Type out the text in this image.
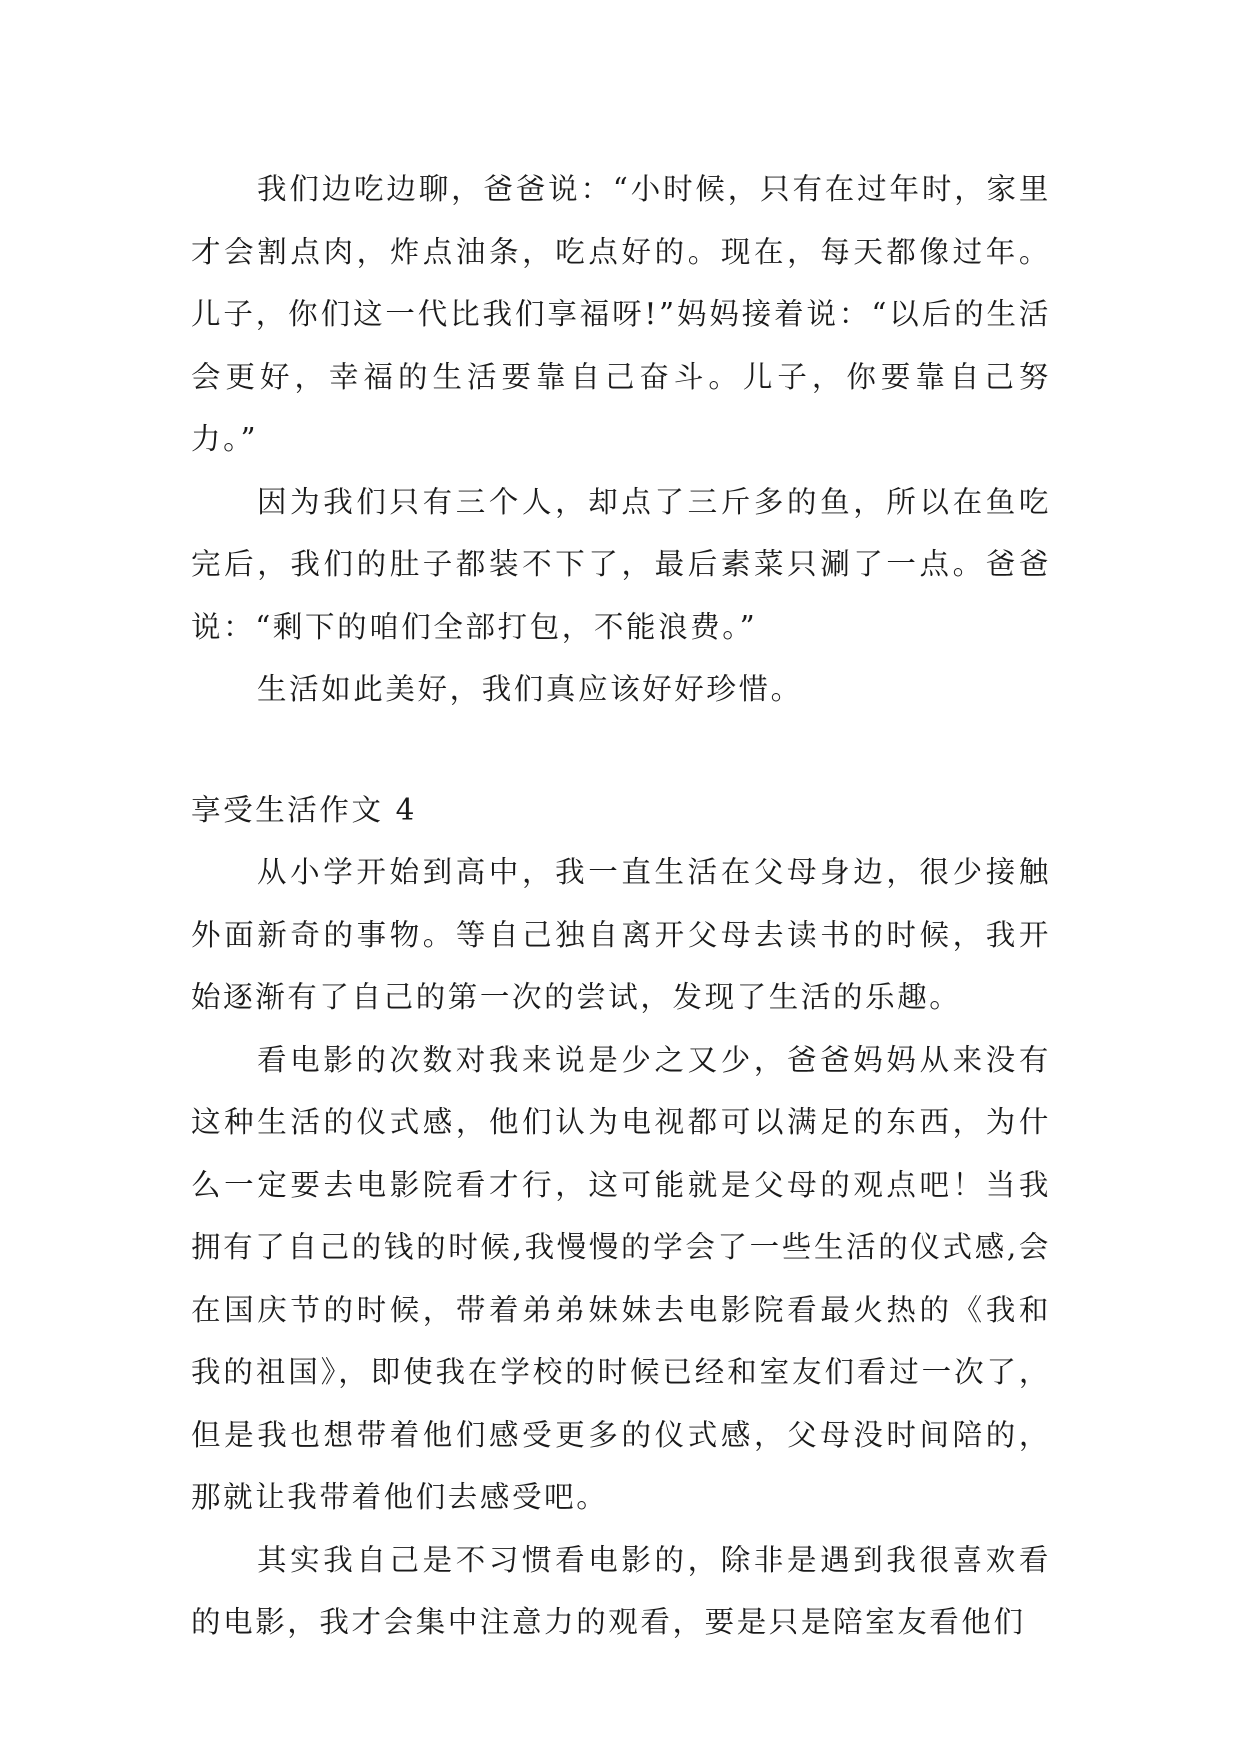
我们边吃边聊，爸爸说：“小时候，只有在过年时，家里才会割点肉，炸点油条，吃点好的。现在，每天都像过年。儿子，你们这一代比我们享福呀!”妈妈接着说：“以后的生活会更好，幸福的生活要靠自己奋斗。儿子，你要靠自己努力。”

因为我们只有三个人，却点了三斤多的鱼，所以在鱼吃完后，我们的肚子都装不下了，最后素菜只涮了一点。爸爸说：“剩下的咱们全部打包，不能浪费。”

生活如此美好，我们真应该好好珍惜。

享受生活作文 4

从小学开始到高中，我一直生活在父母身边，很少接触外面新奇的事物。等自己独自离开父母去读书的时候，我开始逐渐有了自己的第一次的尝试，发现了生活的乐趣。

看电影的次数对我来说是少之又少，爸爸妈妈从来没有这种生活的仪式感，他们认为电视都可以满足的东西，为什么一定要去电影院看才行，这可能就是父母的观点吧！当我拥有了自己的钱的时候,我慢慢的学会了一些生活的仪式感,会在国庆节的时候，带着弟弟妹妹去电影院看最火热的《我和我的祖国》，即使我在学校的时候已经和室友们看过一次了，但是我也想带着他们感受更多的仪式感，父母没时间陪的，那就让我带着他们去感受吧。

其实我自己是不习惯看电影的，除非是遇到我很喜欢看的电影，我才会集中注意力的观看，要是只是陪室友看他们
